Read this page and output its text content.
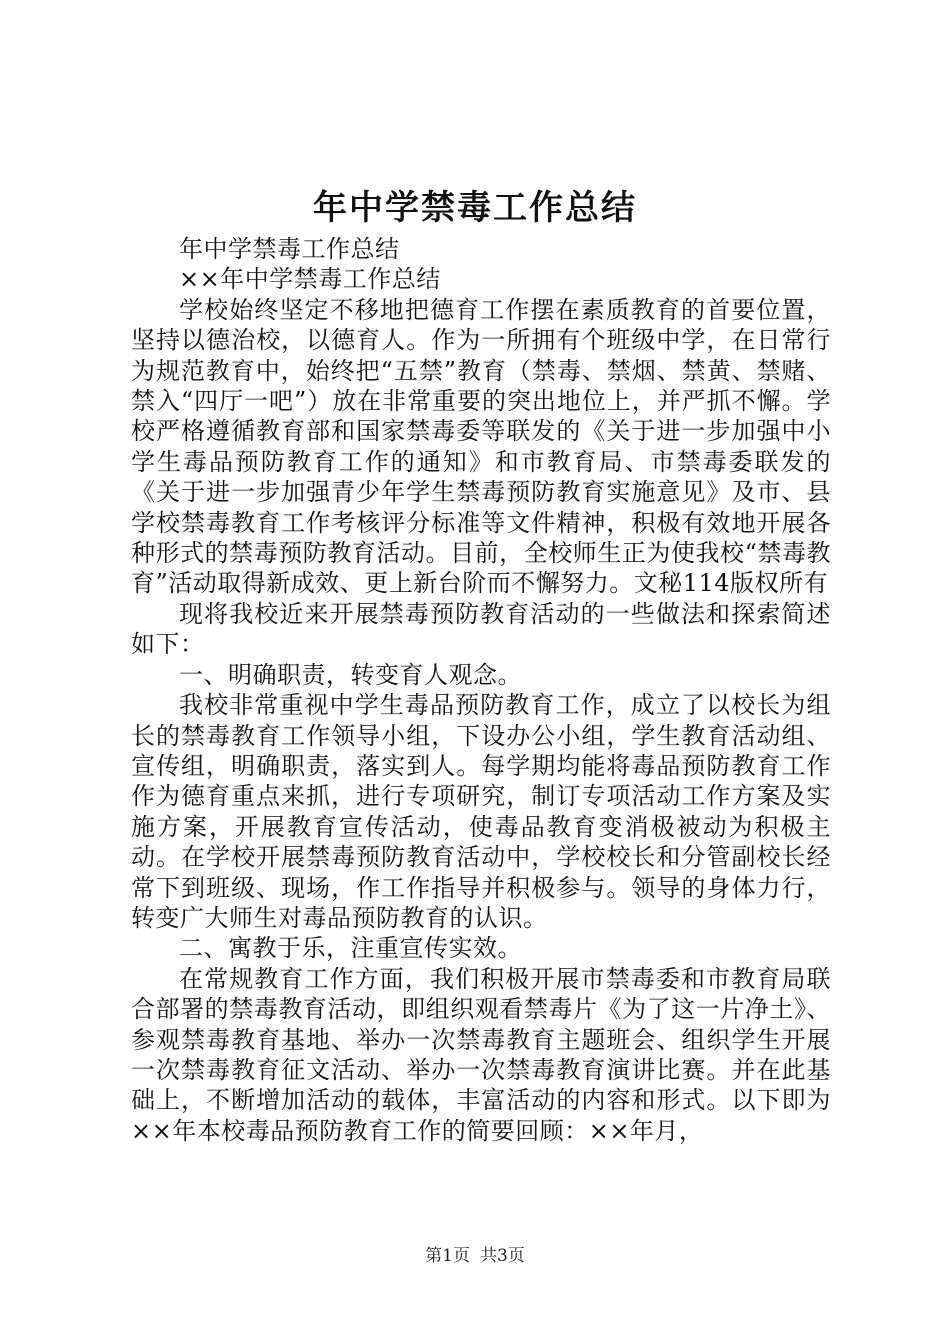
年中学禁毒工作总结

年中学禁毒工作总结

××年中学禁毒工作总结

学校始终坚定不移地把德育工作摆在素质教育的首要位置，坚持以德治校，以德育人。作为一所拥有个班级中学，在日常行为规范教育中，始终把“五禁”教育（禁毒、禁烟、禁黄、禁赌、禁入“四厅一吧”）放在非常重要的突出地位上，并严抓不懈。学校严格遵循教育部和国家禁毒委等联发的《关于进一步加强中小学生毒品预防教育工作的通知》和市教育局、市禁毒委联发的《关于进一步加强青少年学生禁毒预防教育实施意见》及市、县学校禁毒教育工作考核评分标准等文件精神，积极有效地开展各种形式的禁毒预防教育活动。目前，全校师生正为使我校“禁毒教育”活动取得新成效、更上新台阶而不懈努力。文秘114版权所有

现将我校近来开展禁毒预防教育活动的一些做法和探索简述如下：

一、明确职责，转变育人观念。

我校非常重视中学生毒品预防教育工作，成立了以校长为组长的禁毒教育工作领导小组，下设办公小组，学生教育活动组、宣传组，明确职责，落实到人。每学期均能将毒品预防教育工作作为德育重点来抓，进行专项研究，制订专项活动工作方案及实施方案，开展教育宣传活动，使毒品教育变消极被动为积极主动。在学校开展禁毒预防教育活动中，学校校长和分管副校长经常下到班级、现场，作工作指导并积极参与。领导的身体力行，转变广大师生对毒品预防教育的认识。

二、寓教于乐，注重宣传实效。

在常规教育工作方面，我们积极开展市禁毒委和市教育局联合部署的禁毒教育活动，即组织观看禁毒片《为了这一片净土》、参观禁毒教育基地、举办一次禁毒教育主题班会、组织学生开展一次禁毒教育征文活动、举办一次禁毒教育演讲比赛。并在此基础上，不断增加活动的载体，丰富活动的内容和形式。以下即为××年本校毒品预防教育工作的简要回顾：××年月，

第1页 共3页
